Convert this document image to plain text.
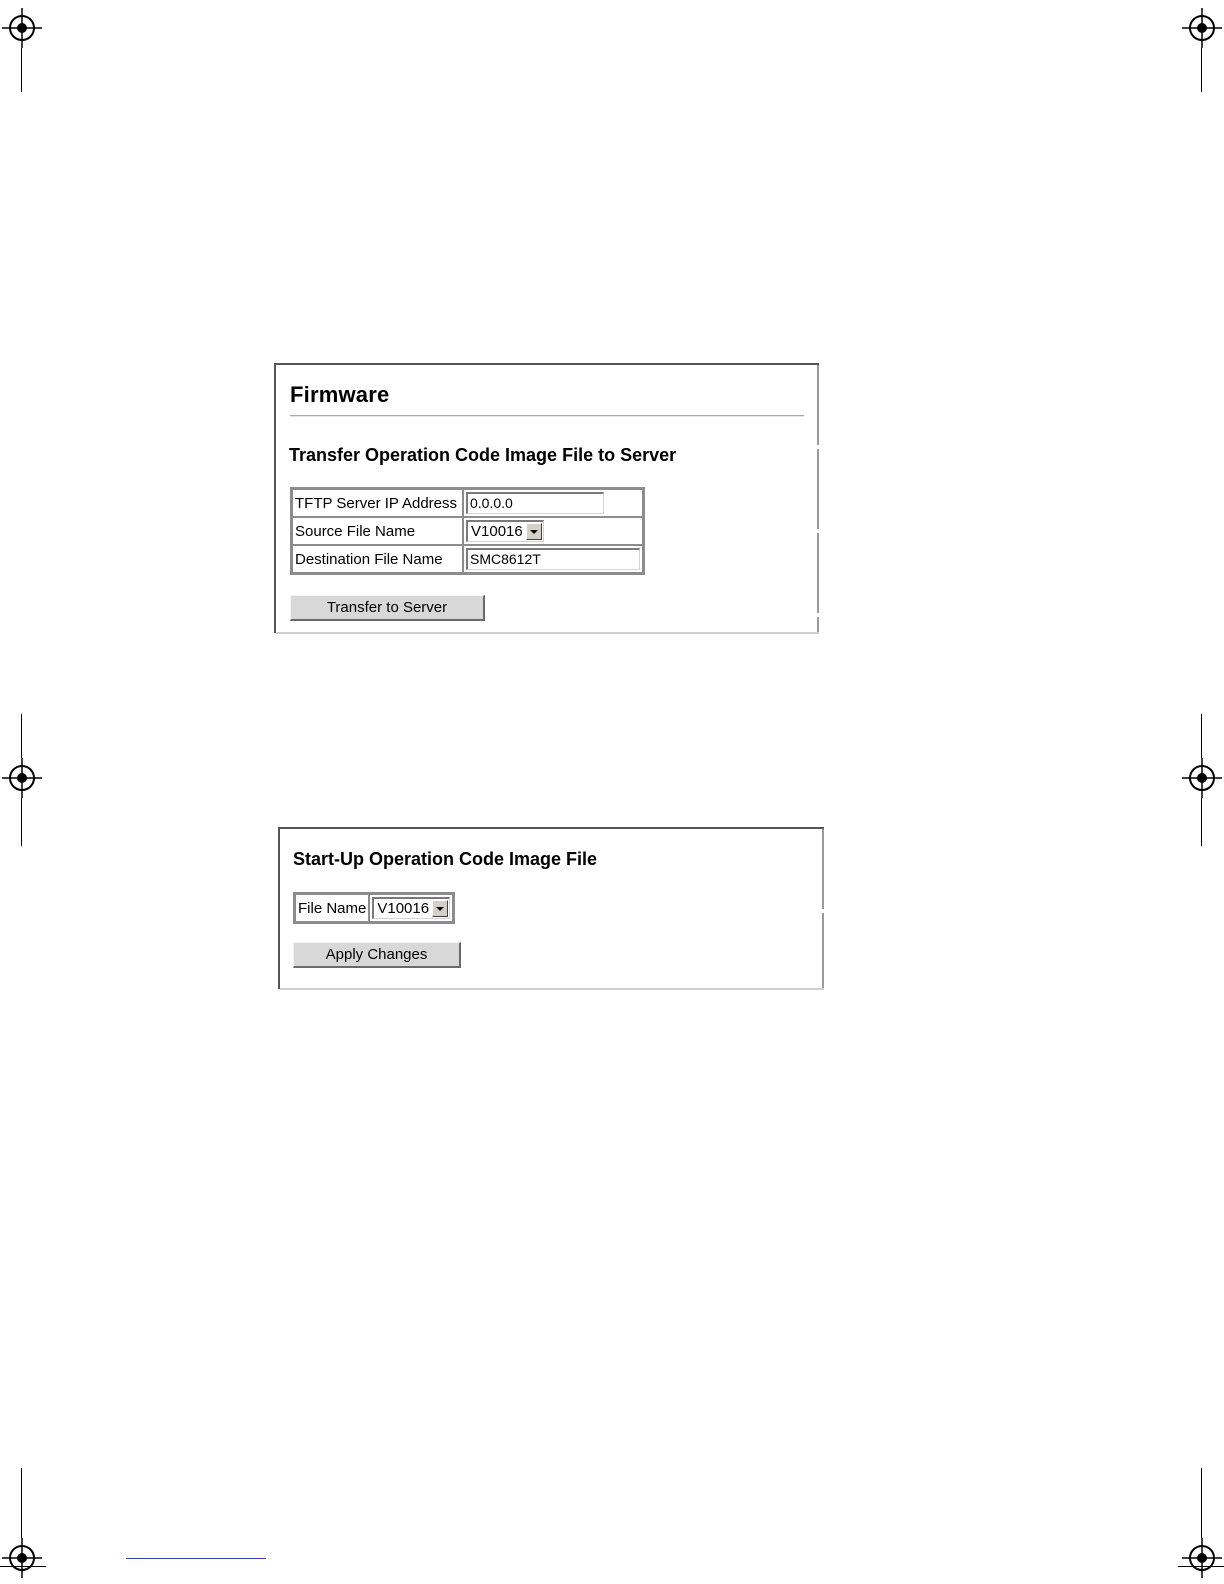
Firmware
Transfer Operation Code Image File to Server
TFTP Server IP Address	0.0.0.0
Source File Name	V10016

Destination File Name	SMC8612T
Transfer to Server
Start-Up Operation Code Image File
File Name	V10016
Apply Changes
